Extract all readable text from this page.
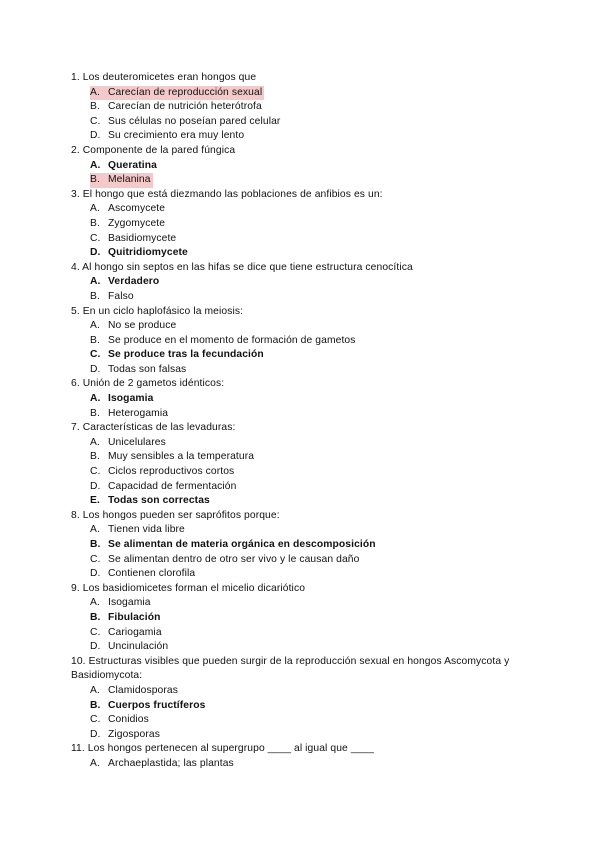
1. Los deuteromicetes eran hongos que
A. Carecían de reproducción sexual
B. Carecían de nutrición heterótrofa
C. Sus células no poseían pared celular
D. Su crecimiento era muy lento
2. Componente de la pared fúngica
A. Queratina
B. Melanina
3. El hongo que está diezmando las poblaciones de anfibios es un:
A. Ascomycete
B. Zygomycete
C. Basidiomycete
D. Quitridiomycete
4. Al hongo sin septos en las hifas se dice que tiene estructura cenocítica
A. Verdadero
B. Falso
5. En un ciclo haplofásico la meiosis:
A. No se produce
B. Se produce en el momento de formación de gametos
C. Se produce tras la fecundación
D. Todas son falsas
6. Unión de 2 gametos idénticos:
A. Isogamia
B. Heterogamia
7. Características de las levaduras:
A. Unicelulares
B. Muy sensibles a la temperatura
C. Ciclos reproductivos cortos
D. Capacidad de fermentación
E. Todas son correctas
8. Los hongos pueden ser saprófitos porque:
A. Tienen vida libre
B. Se alimentan de materia orgánica en descomposición
C. Se alimentan dentro de otro ser vivo y le causan daño
D. Contienen clorofila
9. Los basidiomicetes forman el micelio dicariótico
A. Isogamia
B. Fibulación
C. Cariogamia
D. Uncinulación
10. Estructuras visibles que pueden surgir de la reproducción sexual en hongos Ascomycota y Basidiomycota:
A. Clamidosporas
B. Cuerpos fructíferos
C. Conidios
D. Zigosporas
11. Los hongos pertenecen al supergrupo ____ al igual que ____
A. Archaeplastida; las plantas
